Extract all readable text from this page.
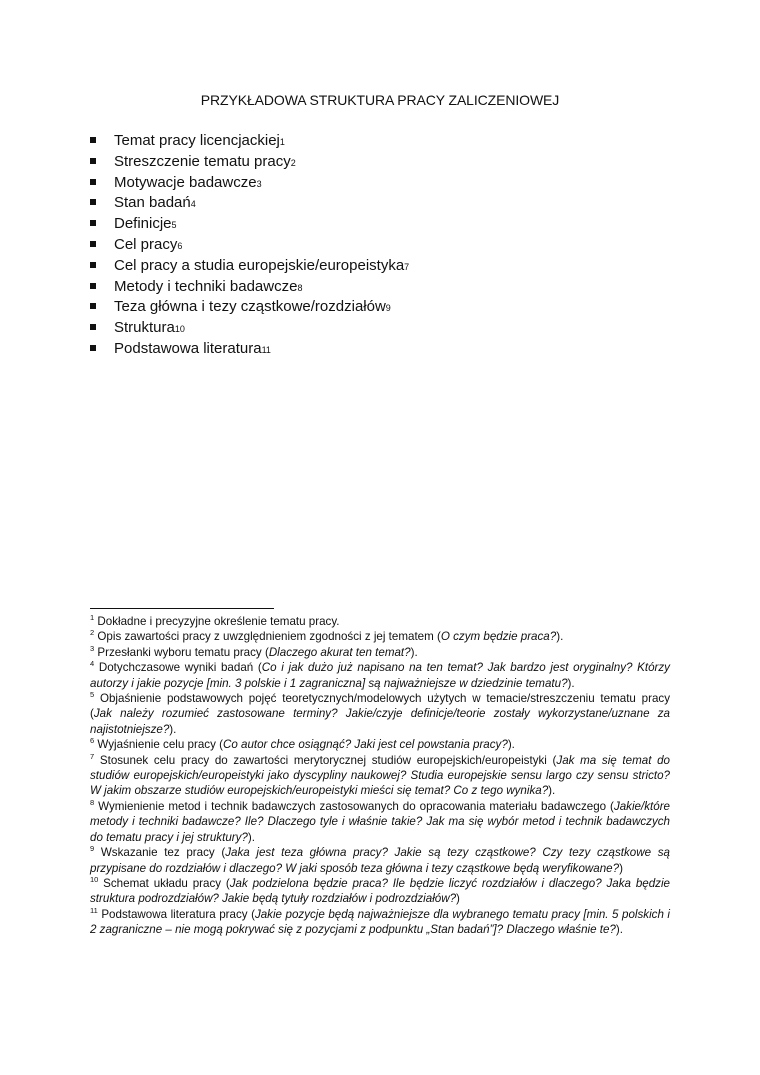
PRZYKŁADOWA STRUKTURA PRACY ZALICZENIOWEJ
Temat pracy licencjackiej 1
Streszczenie tematu pracy 2
Motywacje badawcze 3
Stan badań 4
Definicje 5
Cel pracy 6
Cel pracy a studia europejskie/europeistyka 7
Metody i techniki badawcze 8
Teza główna i tezy cząstkowe/rozdziałów 9
Struktura 10
Podstawowa literatura 11

$^1$ Dokładne i precyzyjne określenie tematu pracy.

$^2$ Opis zawartości pracy z uwzględnieniem zgodności z jej tematem (O czym będzie praca?).

$^3$ Przesłanki wyboru tematu pracy (Dlaczego akurat ten temat?).

$^4$ Dotychczasowe wyniki badań (Co i jak dużo już napisano na ten temat? Jak bardzo jest oryginalny? Którzy autorzy i jakie pozycje [min. 3 polskie i 1 zagraniczna] są najważniejsze w dziedzinie tematu?).

$^5$ Objaśnienie podstawowych pojęć teoretycznych/modelowych użytych w temacie/streszczeniu tematu pracy (Jak należy rozumieć zastosowane terminy? Jakie/czyje definicje/teorie zostały wykorzystane/uznane za najistotniejsze?).

$^6$ Wyjaśnienie celu pracy (Co autor chce osiągnąć? Jaki jest cel powstania pracy?).

$^7$ Stosunek celu pracy do zawartości merytorycznej studiów europejskich/europeistyki (Jak ma się temat do studiów europejskich/europeistyki jako dyscypliny naukowej? Studia europejskie sensu largo czy sensu stricto? W jakim obszarze studiów europejskich/europeistyki mieści się temat? Co z tego wynika?).

$^8$ Wymienienie metod i technik badawczych zastosowanych do opracowania materiału badawczego (Jakie/które metody i techniki badawcze? Ile? Dlaczego tyle i właśnie takie? Jak ma się wybór metod i technik badawczych do tematu pracy i jej struktury?).

$^9$ Wskazanie tez pracy (Jaka jest teza główna pracy? Jakie są tezy cząstkowe? Czy tezy cząstkowe są przypisane do rozdziałów i dlaczego? W jaki sposób teza główna i tezy cząstkowe będą weryfikowane?)

$^{10}$ Schemat układu pracy (Jak podzielona będzie praca? Ile będzie liczyć rozdziałów i dlaczego? Jaka będzie struktura podrozdziałów? Jakie będą tytuły rozdziałów i podrozdziałów?)

$^{11}$ Podstawowa literatura pracy (Jakie pozycje będą najważniejsze dla wybranego tematu pracy [min. 5 polskich i 2 zagraniczne – nie mogą pokrywać się z pozycjami z podpunktu „Stan badań”]? Dlaczego właśnie te?).
